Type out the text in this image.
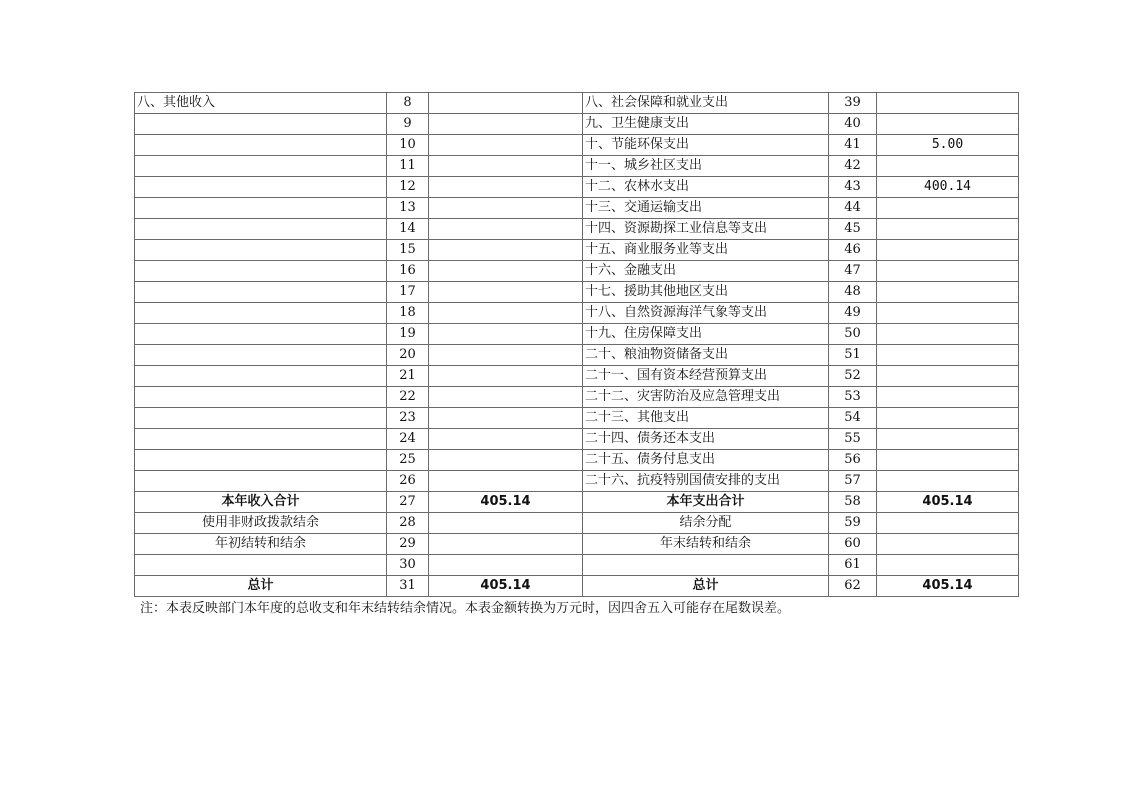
八、其他收入	8		八、社会保障和就业支出	39	
	9		九、卫生健康支出	40	
	10		十、节能环保支出	41	5.00
	11		十一、城乡社区支出	42	
	12		十二、农林水支出	43	400.14
	13		十三、交通运输支出	44	
	14		十四、资源勘探工业信息等支出	45	
	15		十五、商业服务业等支出	46	
	16		十六、金融支出	47	
	17		十七、援助其他地区支出	48	
	18		十八、自然资源海洋气象等支出	49	
	19		十九、住房保障支出	50	
	20		二十、粮油物资储备支出	51	
	21		二十一、国有资本经营预算支出	52	
	22		二十二、灾害防治及应急管理支出	53	
	23		二十三、其他支出	54	
	24		二十四、债务还本支出	55	
	25		二十五、债务付息支出	56	
	26		二十六、抗疫特别国债安排的支出	57	
本年收入合计	27	405.14	本年支出合计	58	405.14
使用非财政拨款结余	28		结余分配	59	
年初结转和结余	29		年末结转和结余	60	
	30			61	
总计	31	405.14	总计	62	405.14
注：本表反映部门本年度的总收支和年末结转结余情况。本表金额转换为万元时，因四舍五入可能存在尾数误差。
